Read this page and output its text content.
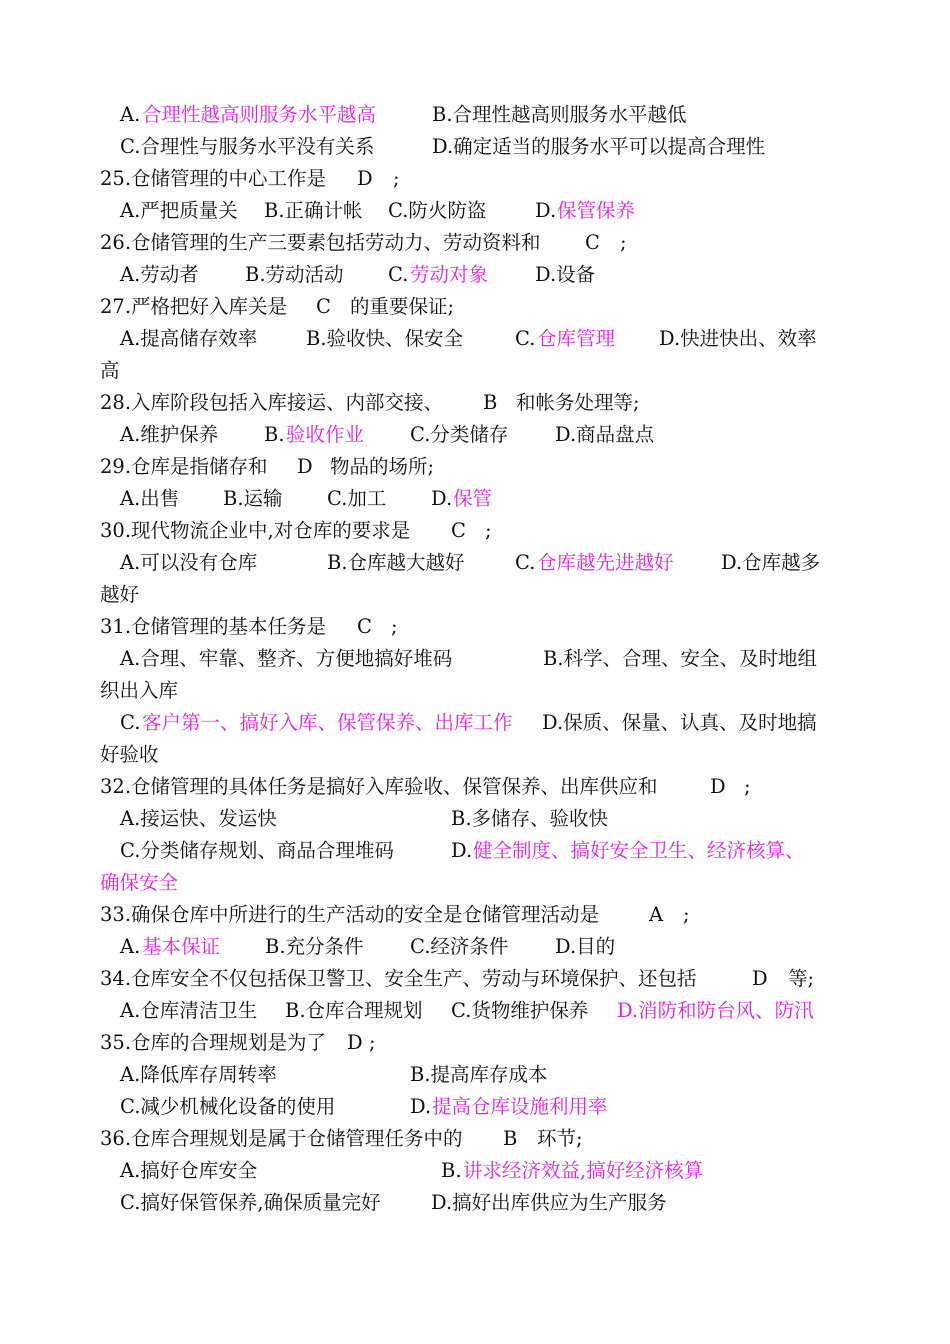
A. 合理性越高则服务水平越高	B.合理性越高则服务水平越低
C.合理性与服务水平没有关系	D.确定适当的服务水平可以提高合理性
25.仓储管理的中心工作是 D ;
A.严把质量关 B.正确计帐 C.防火防盗 D. 保管保养
26.仓储管理的生产三要素包括劳动力、劳动资料和 C ;
A.劳动者 B.劳动活动 C. 劳动对象 D.设备
27.严格把好入库关是 C 的重要保证;
A.提高储存效率 B.验收快、保安全	C. 仓库管理 D.快进快出、效率
高
28.入库阶段包括入库接运、内部交接、 B 和帐务处理等;
A.维护保养 B. 验收作业 C.分类储存 D.商品盘点
29.仓库是指储存和 D 物品的场所;
A.出售 B.运输 C.加工 D. 保管
30.现代物流企业中,对仓库的要求是 C ;
A.可以没有仓库	B.仓库越大越好	C. 仓库越先进越好 D.仓库越多
越好
31.仓储管理的基本任务是 C ;
A.合理、牢靠、整齐、方便地搞好堆码	B.科学、合理、安全、及时地组
织出入库
C. 客户第一、搞好入库、保管保养、出库工作 D.保质、保量、认真、及时地搞
好验收
32.仓储管理的具体任务是搞好入库验收、保管保养、出库供应和	D ;
A.接运快、发运快	B.多储存、验收快
C.分类储存规划、商品合理堆码	D. 健全制度、搞好安全卫生、经济核算、
确保安全
33.确保仓库中所进行的生产活动的安全是仓储管理活动是	A ;
A. 基本保证 B.充分条件 C.经济条件 D.目的
34.仓库安全不仅包括保卫警卫、安全生产、劳动与环境保护、还包括	D 等;
A.仓库清洁卫生 B.仓库合理规划 C.货物维护保养 D.消防和防台风、防汛
35.仓库的合理规划是为了 D ;
A.降低库存周转率	B.提高库存成本
C.减少机械化设备的使用	D. 提高仓库设施利用率
36.仓库合理规划是属于仓储管理任务中的 B 环节;
A.搞好仓库安全	B. 讲求经济效益,搞好经济核算
C.搞好保管保养,确保质量完好	D.搞好出库供应为生产服务
